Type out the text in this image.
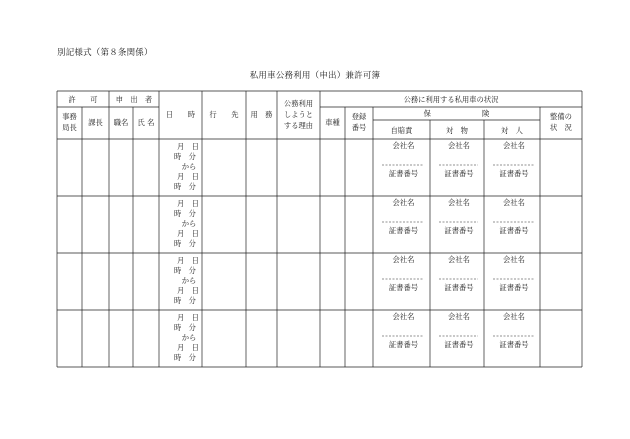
別記様式（第８条関係）
私用車公務利用（申出）兼許可簿
許　　可 申　出　者
事務
局長
課長 職名 氏 名
日　　時 行　　先 用　務
公務利用
しようと
する理由
公務に利用する私用車の状況
車種
登録
番号
保　　　　　　　険
自賠責	対　物	対　人
整備の
状　況
月　日
時　分
から
月　日
時　分
会社名
証書番号
会社名
証書番号
会社名
証書番号
月　日
時　分
から
月　日
時　分
会社名
証書番号
会社名
証書番号
会社名
証書番号
月　日
時　分
から
月　日
時　分
会社名
証書番号
会社名
証書番号
会社名
証書番号
月　日
時　分
から
月　日
時　分
会社名
証書番号
会社名
証書番号
会社名
証書番号
